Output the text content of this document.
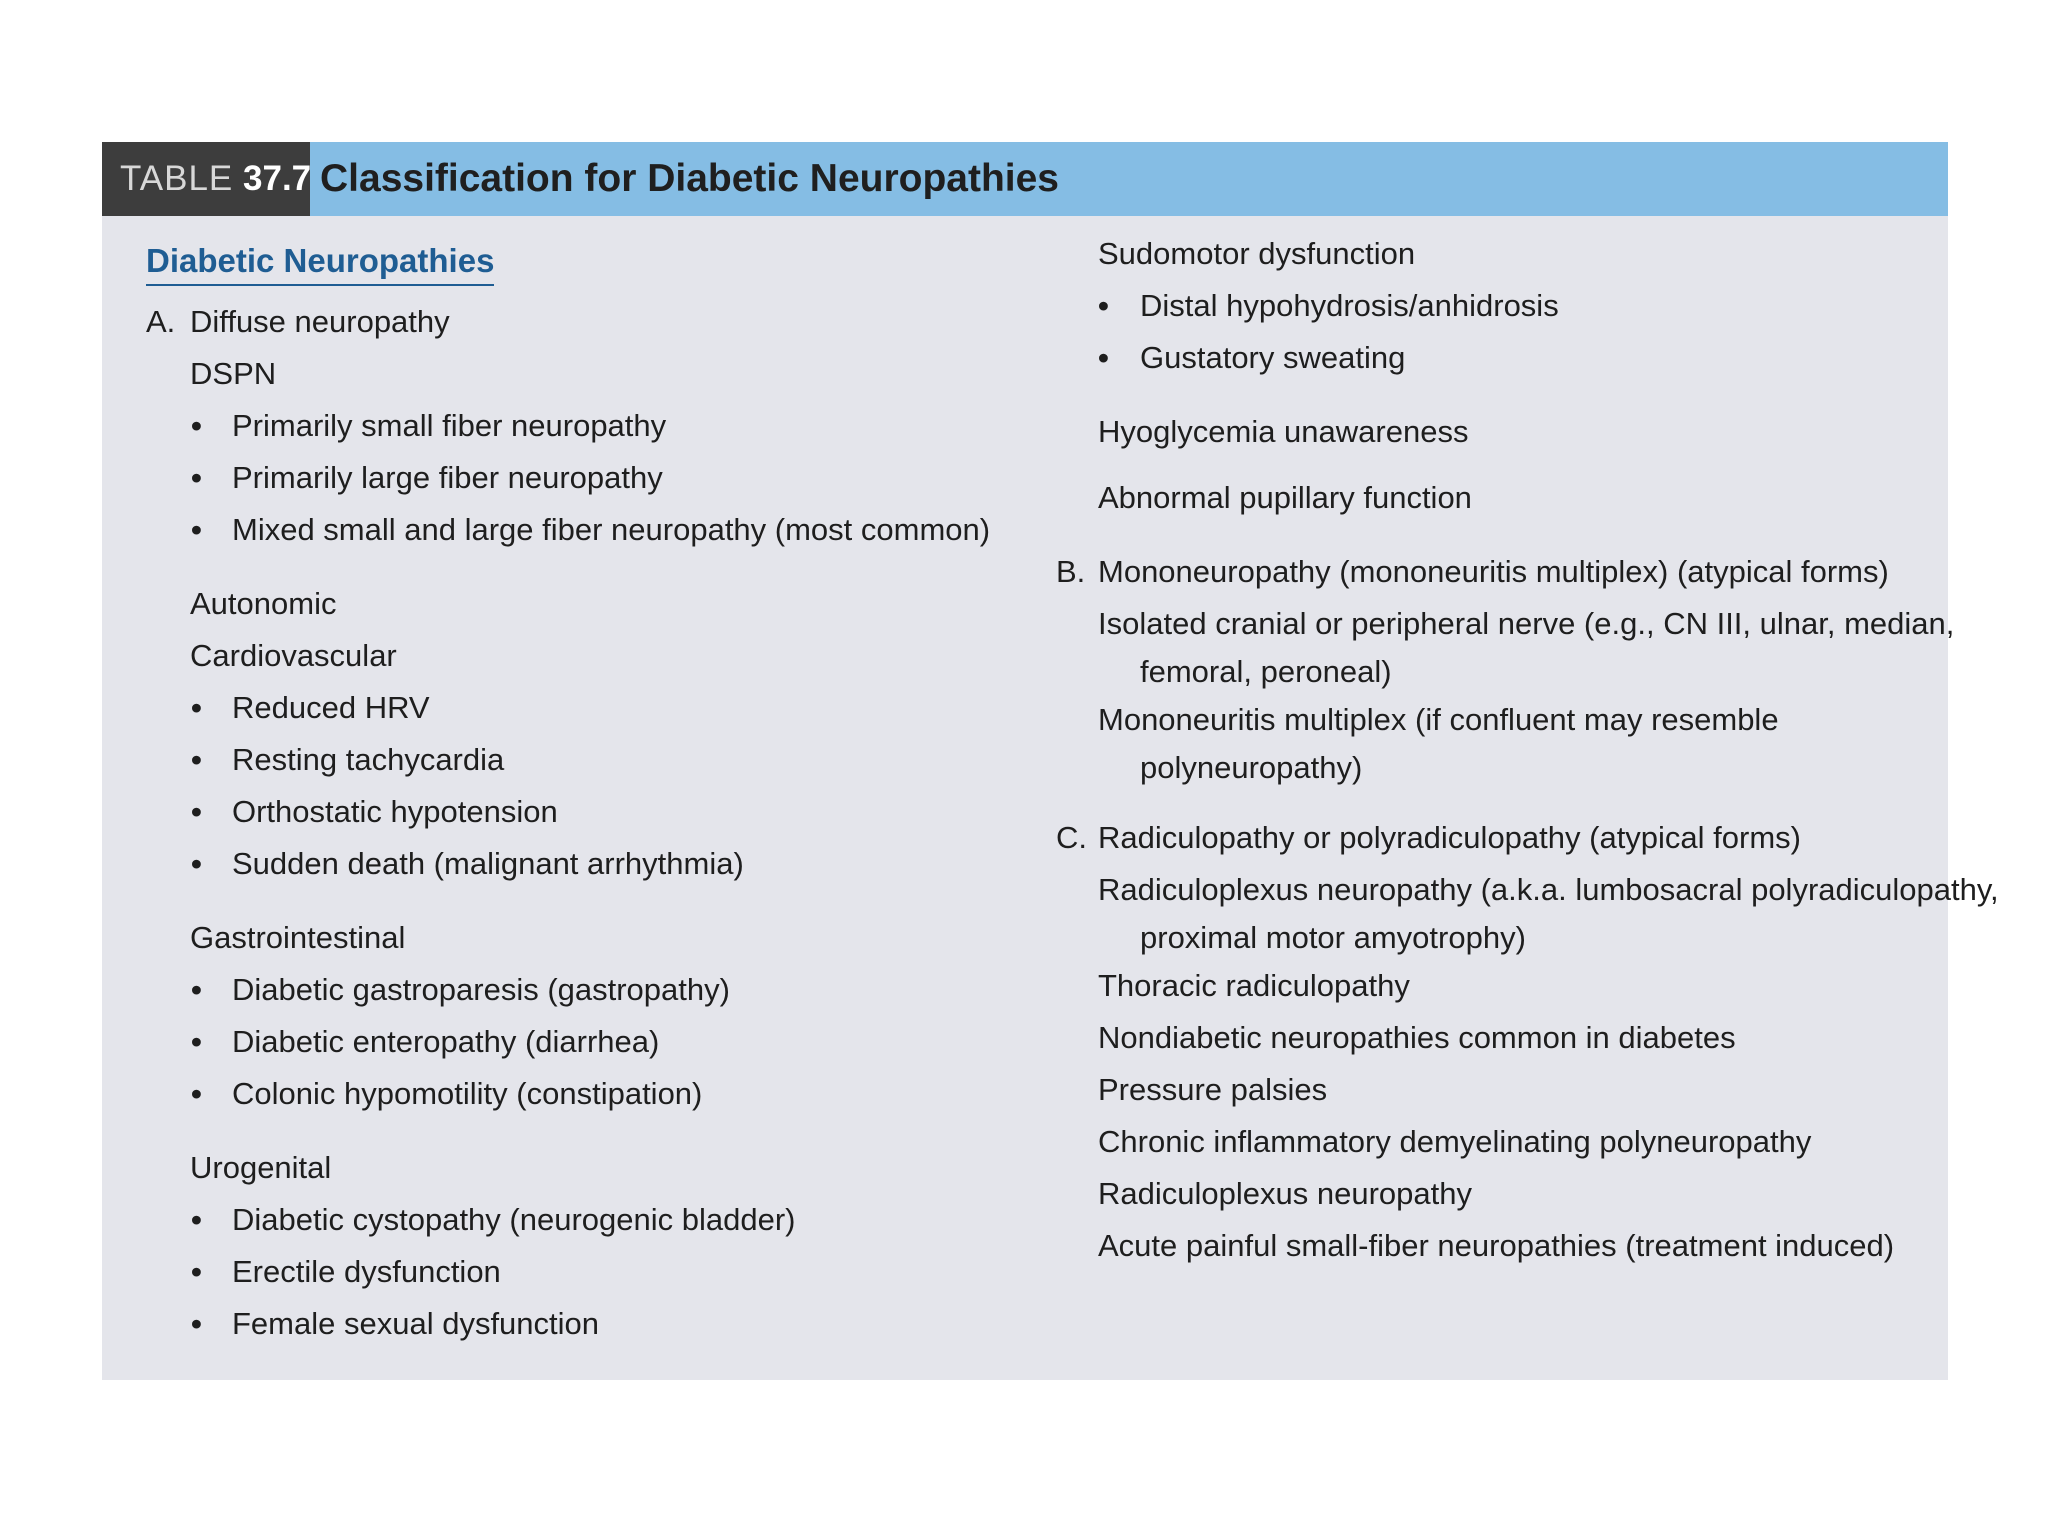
TABLE 37.7 Classification for Diabetic Neuropathies
Diabetic Neuropathies
A. Diffuse neuropathy
DSPN
• Primarily small fiber neuropathy
• Primarily large fiber neuropathy
• Mixed small and large fiber neuropathy (most common)
Autonomic
Cardiovascular
• Reduced HRV
• Resting tachycardia
• Orthostatic hypotension
• Sudden death (malignant arrhythmia)
Gastrointestinal
• Diabetic gastroparesis (gastropathy)
• Diabetic enteropathy (diarrhea)
• Colonic hypomotility (constipation)
Urogenital
• Diabetic cystopathy (neurogenic bladder)
• Erectile dysfunction
• Female sexual dysfunction
Sudomotor dysfunction
• Distal hypohydrosis/anhidrosis
• Gustatory sweating
Hyoglycemia unawareness
Abnormal pupillary function
B. Mononeuropathy (mononeuritis multiplex) (atypical forms)
Isolated cranial or peripheral nerve (e.g., CN III, ulnar, median,
femoral, peroneal)
Mononeuritis multiplex (if confluent may resemble
polyneuropathy)
C. Radiculopathy or polyradiculopathy (atypical forms)
Radiculoplexus neuropathy (a.k.a. lumbosacral polyradiculopathy,
proximal motor amyotrophy)
Thoracic radiculopathy
Nondiabetic neuropathies common in diabetes
Pressure palsies
Chronic inflammatory demyelinating polyneuropathy
Radiculoplexus neuropathy
Acute painful small-fiber neuropathies (treatment induced)
